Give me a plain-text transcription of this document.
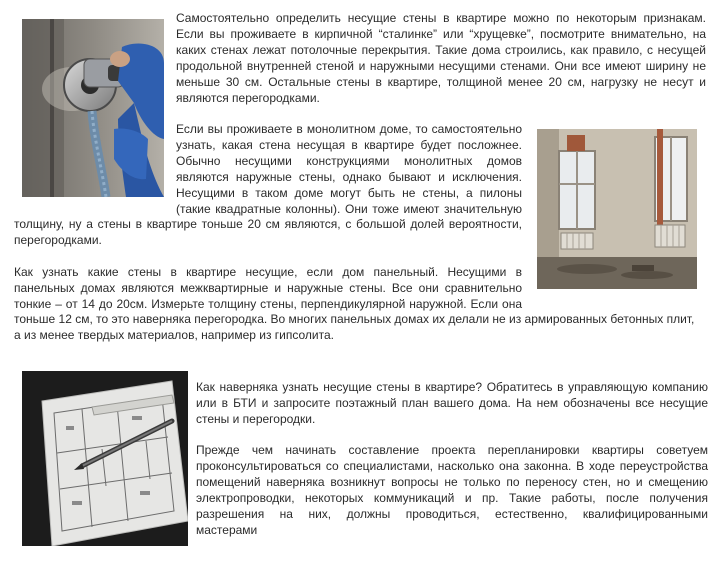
Самостоятельно определить несущие стены в квартире можно по некоторым признакам.
Если вы проживаете в кирпичной “сталинке” или “хрущевке”, посмотрите внимательно, на
каких стенах лежат потолочные перекрытия. Такие дома строились, как правило, с несущей
продольной внутренней стеной и наружными несущими стенами. Они все имеют ширину не
меньше 30 см. Остальные стены в квартире, толщиной менее 20 см, нагрузку не несут и
являются перегородками.

Если вы проживаете в монолитном доме, то самостоятельно
узнать, какая стена несущая в квартире будет посложнее.
Обычно несущими конструкциями монолитных домов
являются наружные стены, однако бывают и исключения.
Несущими в таком доме могут быть не стены, а пилоны
(такие квадратные колонны). Они тоже имеют значительную

толщину, ну а стены в квартире тоньше 20 см являются, с большой долей вероятности,
перегородками.

Как узнать какие стены в квартире несущие, если дом панельный. Несущими в
панельных домах являются межквартирные и наружные стены. Все они сравнительно
тонкие – от 14 до 20см. Измерьте толщину стены, перпендикулярной наружной. Если она

тоньше 12 см, то это наверняка перегородка. Во многих панельных домах их делали не из армированных бетонных плит,
а из менее твердых материалов, например из гипсолита.

Как наверняка узнать несущие стены в квартире? Обратитесь в управляющую компанию
или в БТИ и запросите поэтажный план вашего дома. На нем обозначены все несущие
стены и перегородки.

Прежде чем начинать составление проекта перепланировки квартиры советуем
проконсультироваться со специалистами, насколько она законна. В ходе переустройства
помещений наверняка возникнут вопросы не только по переносу стен, но и смещению
электропроводки, некоторых коммуникаций и пр. Такие работы, после получения
разрешения на них, должны проводиться, естественно, квалифицированными
мастерами
